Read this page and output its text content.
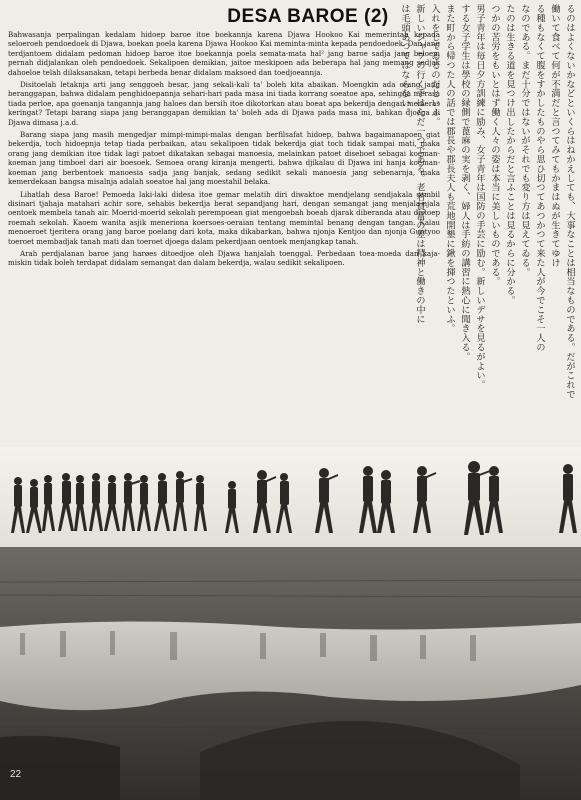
DESA BAROE (2)

Bahwasanja perpalingan kedalam hidoep baroe itoe boekannja karena Djawa Hookoo Kai memerintah kepada seloeroeh pendoedoek di Djawa, boekan poela karena Djawa Hookoo Kai meminta-minta kepada pendoedoek. Dan jang terdjantoem didalam pedoman hidoep baroe itoe boekannja poela semata-mata hal² jang baroe sadja jang beloem pernah didjalankan oleh pendoedoek. Sekalipoen demikian, jaitoe meskipoen ada beberapa hal jang memang sedjak dahoeloe telah dilaksanakan, tetapi berbeda benar didalam maksoed dan toedjoeannja.

Disitoelah letaknja arti jang senggoeh besar, jang sekali-kali ta' boleh kita abaikan. Moengkin ada orang jang beranggapan, bahwa didalam penghidoepannja sehari-hari pada masa ini tiada korrang soeatoe apa, sehingga merasa tiada perloe, apa goenanja tangannja jang haloes dan bersih itoe dikotorkan atau boeat apa bekerdja dengan memeras keringat? Tetapi barang siapa jang beranggapan demikian ta' boleh ada di Djawa pada masa ini, bahkan djoega di Djawa dimasa j.a.d.

Barang siapa jang masih mengedjar mimpi-mimpi-malas dengan berfilsafat hidoep, bahwa bagaimanapoen giat bekerdja, toch hidoepnja tetap tiada perbaikan, atau sekalipoen tidak bekerdja giat toch tidak sampai mati, maka orang jang demikian itoe tidak lagi patoet dikatakan sebagai manoesia, melainkan patoet diseboet sebagai koeman-koeman jang timboel dari air boesoek. Semoea orang kiranja mengerti, bahwa djikalau di Djawa ini hanja koeman-koeman jang berbentoek manoesia sadja jang banjak, sedang sedikit sekali manoesia jang sebenarnja, maka kemerdekaan bangsa misalnja adalah soeatoe hal jang moestahil belaka.

Lihatlah desa Baroe! Pemoeda laki-laki didesa itoe gemar melatih diri diwaktoe mendjelang sendjakala sambil disinari tjahaja matahari achir sore, sehabis bekerdja berat sepandjang hari, dengan semangat jang menjala-njala oentoek membela tanah air. Moerid-moerid sekolah perempoean giat mengoebah boeah djarak diberanda atau distoep roemah sekolah. Kaoem wanita asjik meneriona koersoes-oeraian tentang memintal benang dengan tangan. Kalau menoeroet tjeritera orang jang baroe poelang dari kota, maka dikabarkan, bahwa njonja Kentjoo dan njonja Guntyoo toeroet membadjak tanah mati dan toeroet djoega dalam pekerdjaan oentoek menjangkap tanah.

Arah perdjalanan baroe jang harøes ditoedjoe oleh Djawa hanjalah toenggal. Perbedaan toea-moeda dan kaja-miskin tidak boleh terdapat didalam semangat dan dalam bekerdja, walau sedikit sekalipoen.	るのはよくないかなどといくらはねかえしても、大事なことは相当なものである。だがこれで

働いて食べて何が不満だと言つてみてもかまはぬが生きてゆけ

る種もなくて腹をすかしたものやら思ひ切つてあつかつて来た人が今でこそ一人の

なのである。まだ十分ではないがそれでも変り方は見えてゐる。

たのは生きる道を見つけ出したからだと言ふことは見るからに分かる。

つかの苦労をもいとはず働く人々の姿は本当に美しいものである。

男子青年は毎日夕方訓練に励み、女子青年は国防の手芸に励む。新しいデサを見るがよい。

する女子学生は學校の縁側で蓖麻の実を剥く、婦人は手紡の講習に熱心に聞き入る。

また町から帰つた人の話では郡長や郡長夫人も荒地開墾に鍬を揮つたといふ。

入れをしてゐるのだといふ。

新しいジャワの行く手はただ一つである。老若貧富の差は精神と働きの中に

は毛頭あつてはならない。

22
